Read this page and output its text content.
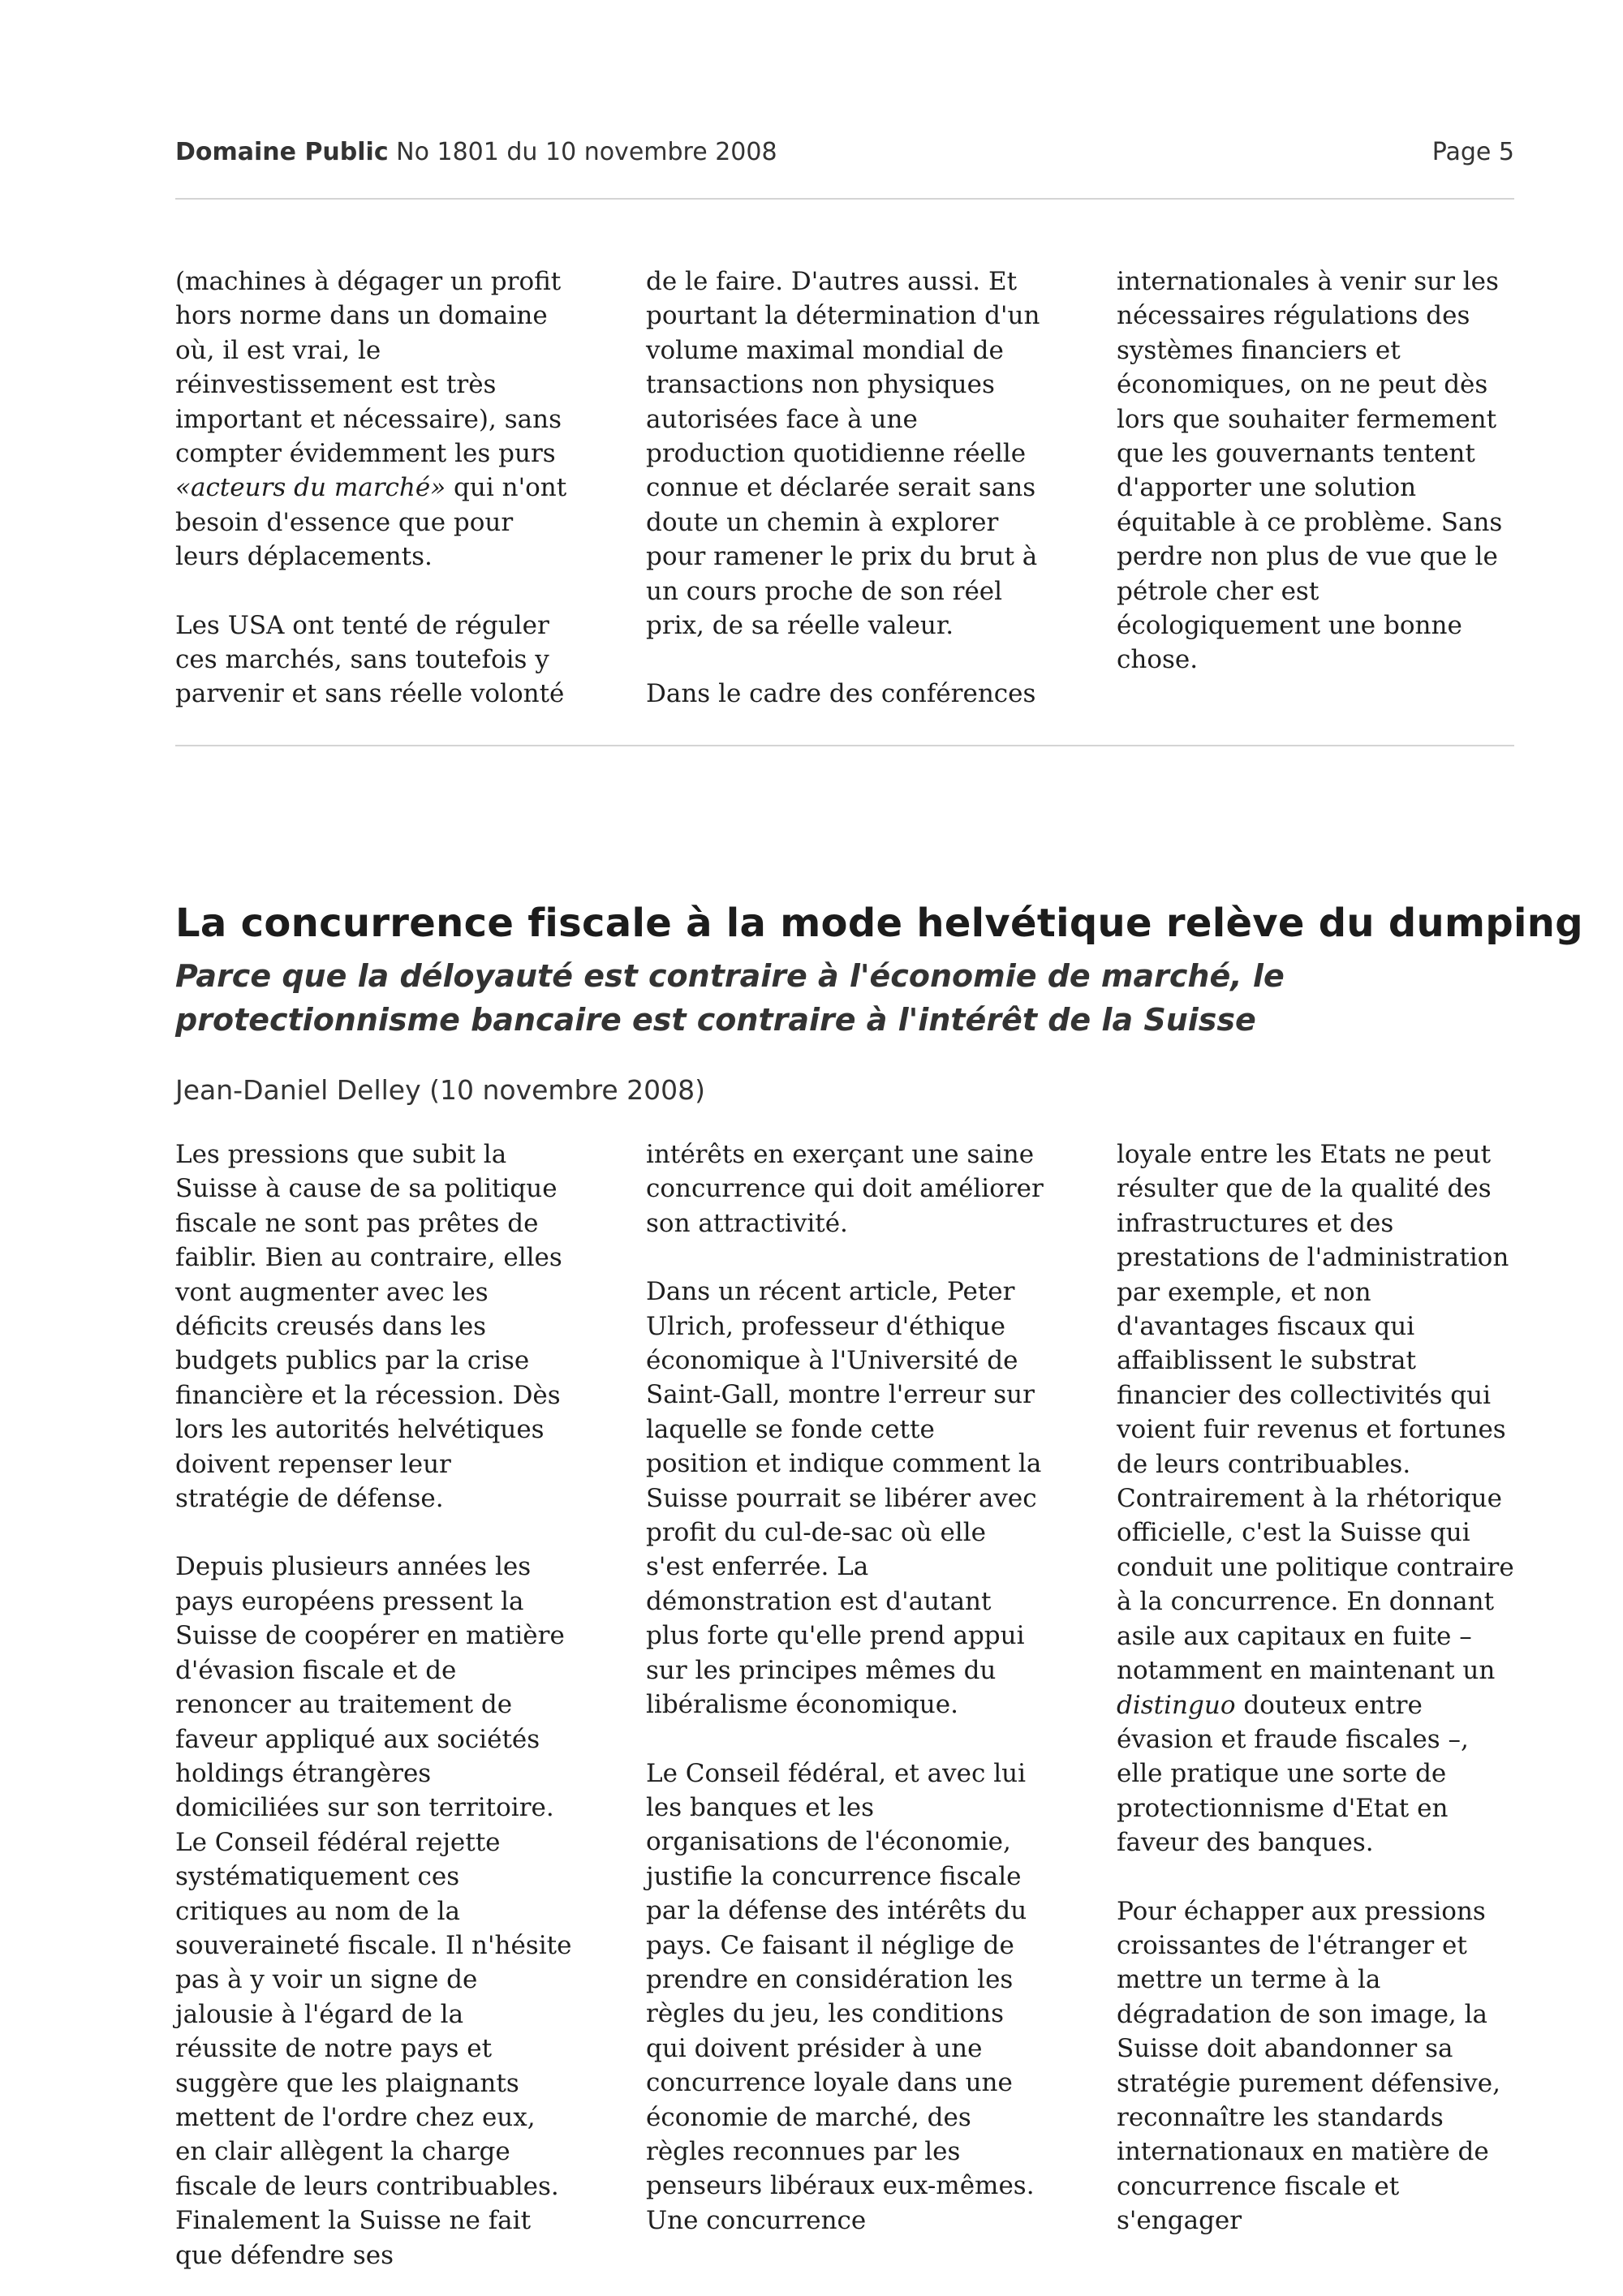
Domaine Public No 1801 du 10 novembre 2008	Page 5

(machines à dégager un profit hors norme dans un domaine où, il est vrai, le réinvestissement est très important et nécessaire), sans compter évidemment les purs «acteurs du marché» qui n'ont besoin d'essence que pour leurs déplacements.

Les USA ont tenté de réguler ces marchés, sans toutefois y parvenir et sans réelle volonté

de le faire. D'autres aussi. Et pourtant la détermination d'un volume maximal mondial de transactions non physiques autorisées face à une production quotidienne réelle connue et déclarée serait sans doute un chemin à explorer pour ramener le prix du brut à un cours proche de son réel prix, de sa réelle valeur.

Dans le cadre des conférences

internationales à venir sur les nécessaires régulations des systèmes financiers et économiques, on ne peut dès lors que souhaiter fermement que les gouvernants tentent d'apporter une solution équitable à ce problème. Sans perdre non plus de vue que le pétrole cher est écologiquement une bonne chose.

La concurrence fiscale à la mode helvétique relève du dumping
Parce que la déloyauté est contraire à l'économie de marché, le protectionnisme bancaire est contraire à l'intérêt de la Suisse
Jean-Daniel Delley (10 novembre 2008)

Les pressions que subit la Suisse à cause de sa politique fiscale ne sont pas prêtes de faiblir. Bien au contraire, elles vont augmenter avec les déficits creusés dans les budgets publics par la crise financière et la récession. Dès lors les autorités helvétiques doivent repenser leur stratégie de défense.

Depuis plusieurs années les pays européens pressent la Suisse de coopérer en matière d'évasion fiscale et de renoncer au traitement de faveur appliqué aux sociétés holdings étrangères domiciliées sur son territoire. Le Conseil fédéral rejette systématiquement ces critiques au nom de la souveraineté fiscale. Il n'hésite pas à y voir un signe de jalousie à l'égard de la réussite de notre pays et suggère que les plaignants mettent de l'ordre chez eux, en clair allègent la charge fiscale de leurs contribuables. Finalement la Suisse ne fait que défendre ses

intérêts en exerçant une saine concurrence qui doit améliorer son attractivité.

Dans un récent article, Peter Ulrich, professeur d'éthique économique à l'Université de Saint-Gall, montre l'erreur sur laquelle se fonde cette position et indique comment la Suisse pourrait se libérer avec profit du cul-de-sac où elle s'est enferrée. La démonstration est d'autant plus forte qu'elle prend appui sur les principes mêmes du libéralisme économique.

Le Conseil fédéral, et avec lui les banques et les organisations de l'économie, justifie la concurrence fiscale par la défense des intérêts du pays. Ce faisant il néglige de prendre en considération les règles du jeu, les conditions qui doivent présider à une concurrence loyale dans une économie de marché, des règles reconnues par les penseurs libéraux eux-mêmes. Une concurrence

loyale entre les Etats ne peut résulter que de la qualité des infrastructures et des prestations de l'administration par exemple, et non d'avantages fiscaux qui affaiblissent le substrat financier des collectivités qui voient fuir revenus et fortunes de leurs contribuables. Contrairement à la rhétorique officielle, c'est la Suisse qui conduit une politique contraire à la concurrence. En donnant asile aux capitaux en fuite – notamment en maintenant un distinguo douteux entre évasion et fraude fiscales –, elle pratique une sorte de protectionnisme d'Etat en faveur des banques.

Pour échapper aux pressions croissantes de l'étranger et mettre un terme à la dégradation de son image, la Suisse doit abandonner sa stratégie purement défensive, reconnaître les standards internationaux en matière de concurrence fiscale et s'engager
